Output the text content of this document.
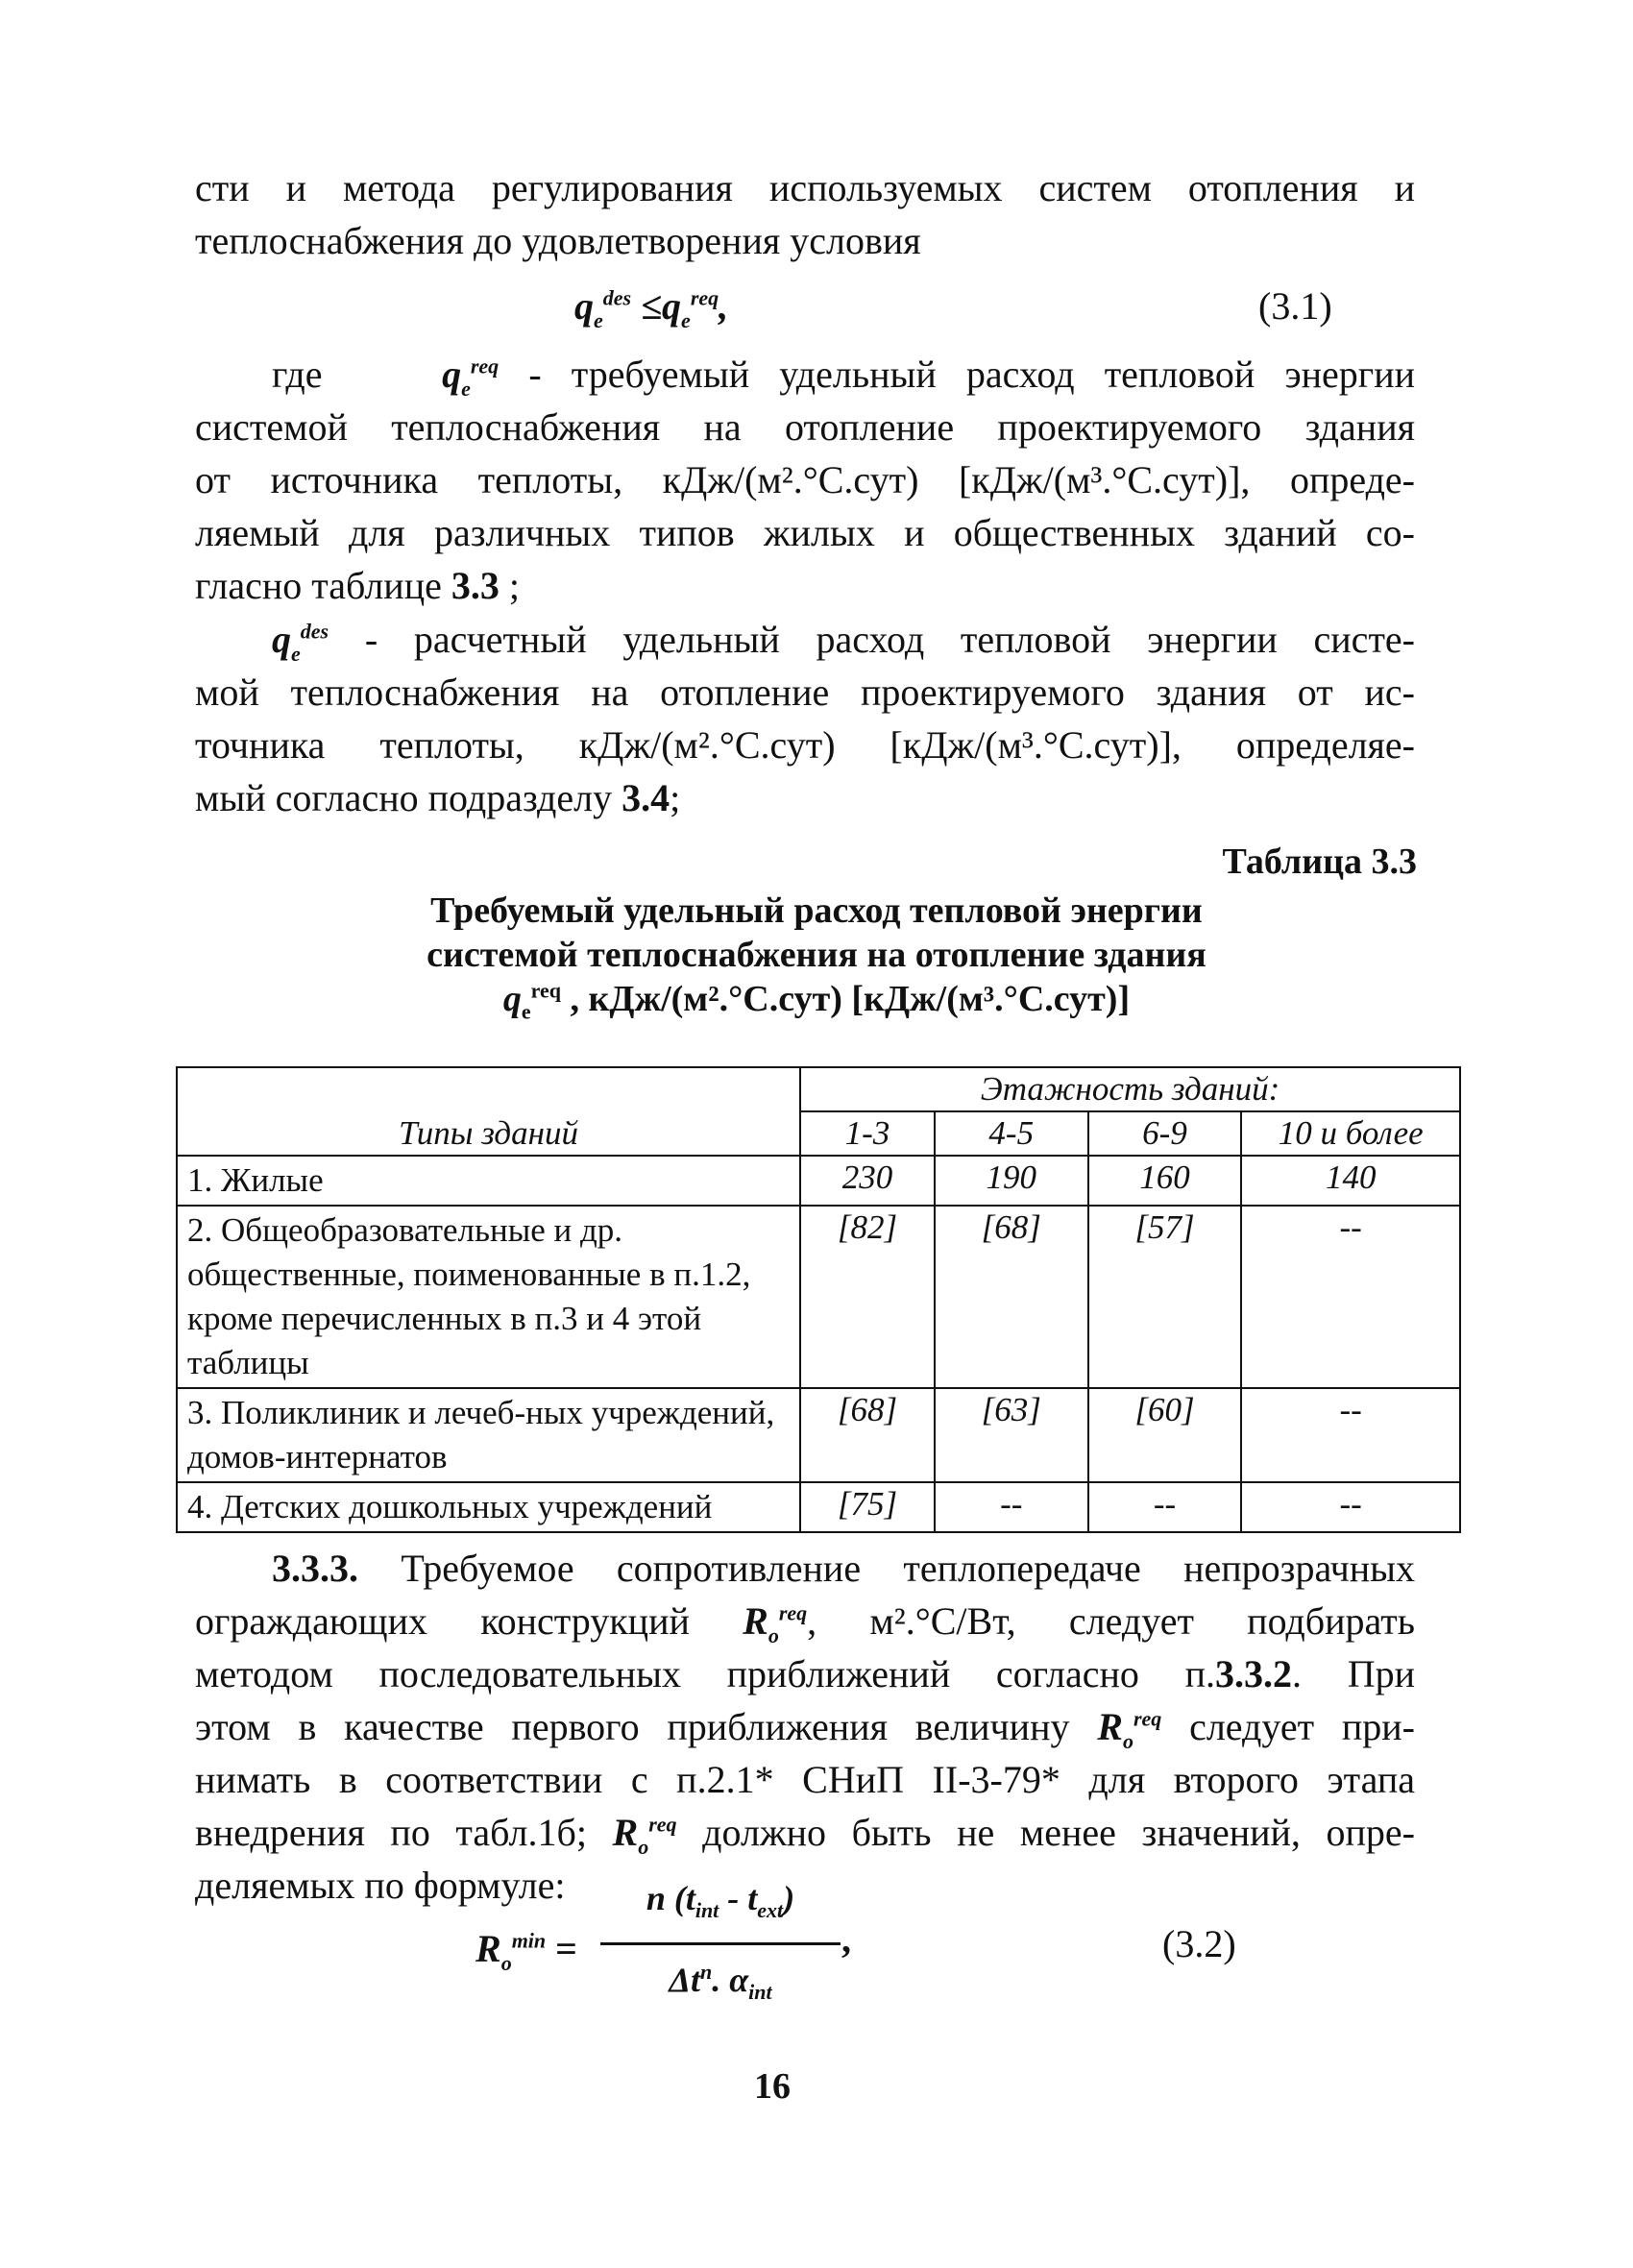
сти и метода регулирования используемых систем отопления и
теплоснабжения до удовлетворения условия

$q_e^{des} \le q_e^{req}$,	(3.1)

где	$q_e^{req}$ - требуемый удельный расход тепловой энергии
системой теплоснабжения на отопление проектируемого здания
от источника теплоты, кДж/(м².°С.сут) [кДж/(м³.°С.сут)], опреде-
ляемый для различных типов жилых и общественных зданий со-
гласно таблице 3.3 ;

$q_e^{des}$ - расчетный удельный расход тепловой энергии систе-
мой теплоснабжения на отопление проектируемого здания от ис-
точника теплоты, кДж/(м².°С.сут) [кДж/(м³.°С.сут)], определяе-
мый согласно подразделу 3.4;

Таблица 3.3
Требуемый удельный расход тепловой энергии
системой теплоснабжения на отопление здания
$q_e^{req}$ , кДж/(м².°С.сут) [кДж/(м³.°С.сут)]
Типы зданий	Этажность зданий:			
	1-3	4-5	6-9	10 и более
1. Жилые	230	190	160	140
2. Общеобразовательные и др. общественные, поименованные в п.1.2, кроме перечисленных в п.3 и 4 этой таблицы	[82]	[68]	[57]	--
3. Поликлиник и лечеб-ных учреждений, домов-интернатов	[68]	[63]	[60]	--
4. Детских дошкольных учреждений	[75]	--	--	--

3.3.3. Требуемое сопротивление теплопередаче непрозрачных
ограждающих конструкций $R_o^{req}$, м².°С/Вт, следует подбирать
методом последовательных приближений согласно п.3.3.2. При
этом в качестве первого приближения величину $R_o^{req}$ следует при-
нимать в соответствии с п.2.1* СНиП II-3-79* для второго этапа
внедрения по табл.1б; $R_o^{req}$ должно быть не менее значений, опре-
деляемых по формуле:

$R_o^{min}$ =
n $(t_{int} - t_{ext})$
,
$\Delta t^n$. $\alpha_{int}$
(3.2)
16
